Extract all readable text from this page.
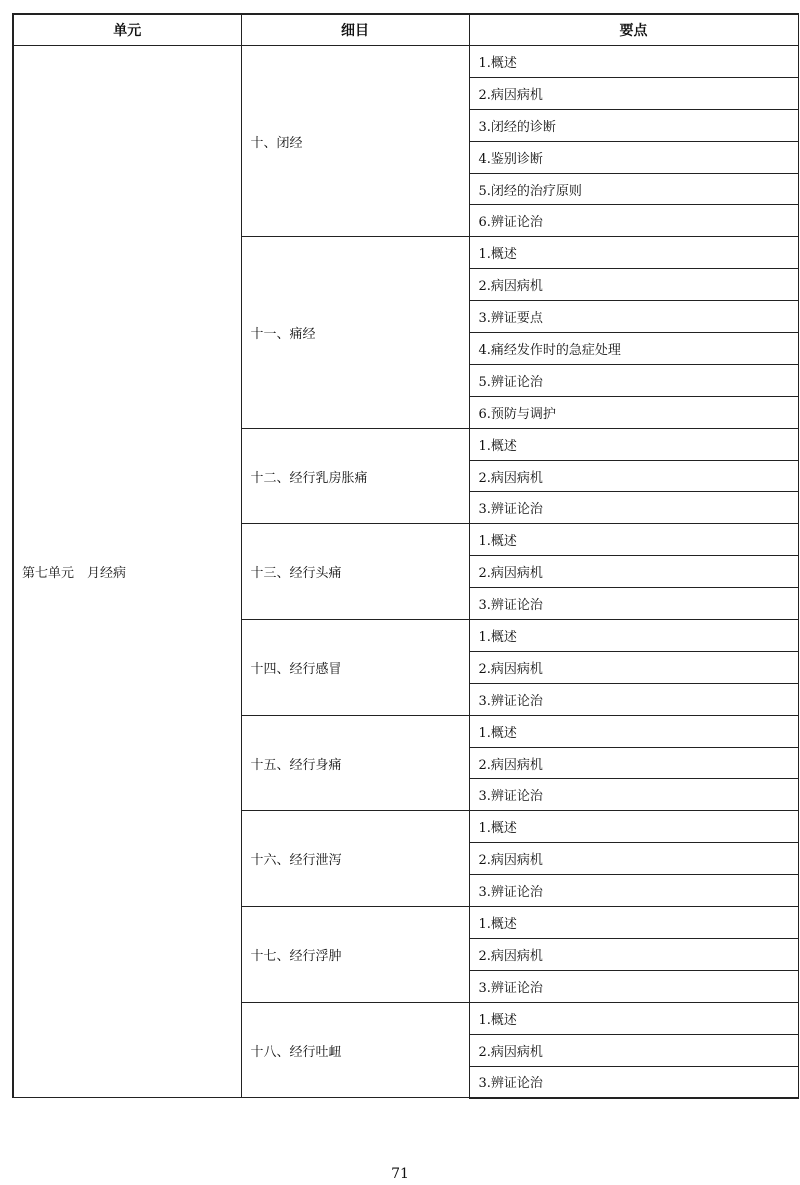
单元	细目	要点
第七单元　月经病	十、闭经	1.概述
		2.病因病机
		3.闭经的诊断
		4.鉴别诊断
		5.闭经的治疗原则
		6.辨证论治
	十一、痛经	1.概述
		2.病因病机
		3.辨证要点
		4.痛经发作时的急症处理
		5.辨证论治
		6.预防与调护
	十二、经行乳房胀痛	1.概述
		2.病因病机
		3.辨证论治
	十三、经行头痛	1.概述
		2.病因病机
		3.辨证论治
	十四、经行感冒	1.概述
		2.病因病机
		3.辨证论治
	十五、经行身痛	1.概述
		2.病因病机
		3.辨证论治
	十六、经行泄泻	1.概述
		2.病因病机
		3.辨证论治
	十七、经行浮肿	1.概述
		2.病因病机
		3.辨证论治
	十八、经行吐衄	1.概述
		2.病因病机
		3.辨证论治
71
